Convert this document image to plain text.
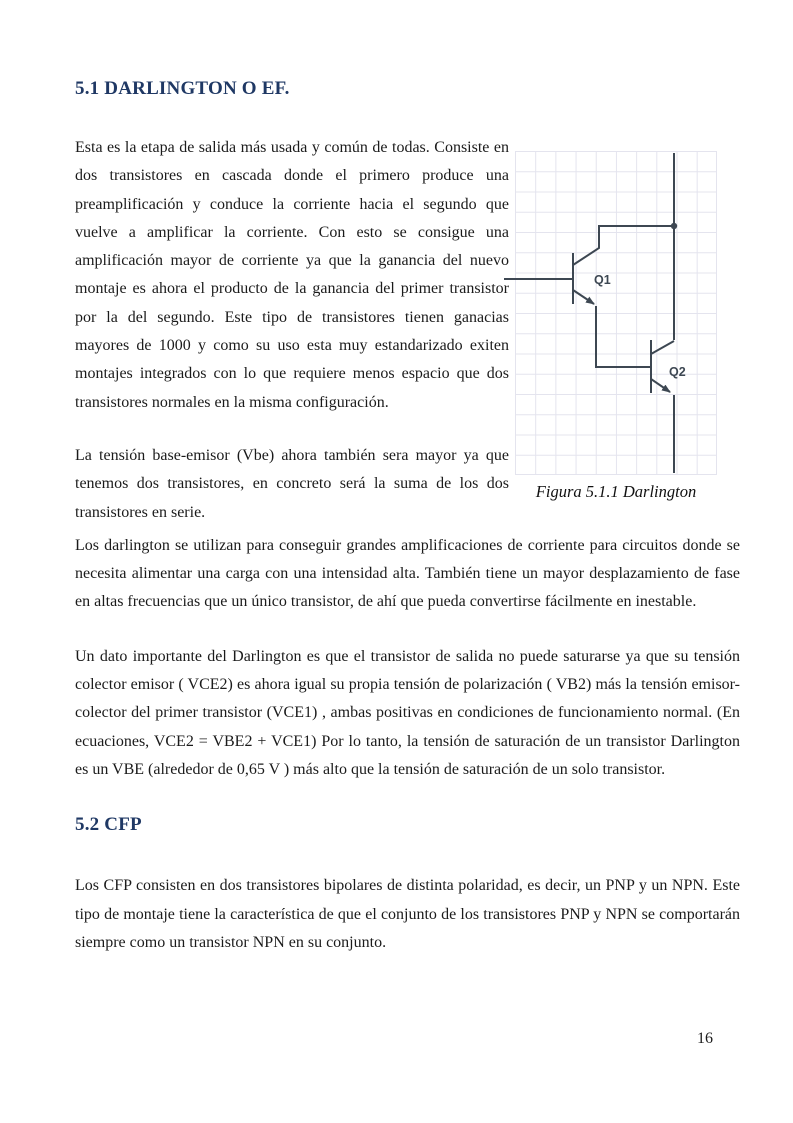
5.1 DARLINGTON O EF.

Esta es la etapa de salida más usada y común de todas. Consiste en dos transistores en cascada donde el primero produce una preamplificación y conduce la corriente hacia el segundo que vuelve a amplificar la corriente. Con esto se consigue una amplificación mayor de corriente ya que la ganancia del nuevo montaje es ahora el producto de la ganancia del primer transistor por la del segundo. Este tipo de transistores tienen ganacias mayores de 1000 y como su uso esta muy estandarizado exiten montajes integrados con lo que requiere menos espacio que dos transistores normales en la misma configuración.

La tensión base-emisor (Vbe) ahora también sera mayor ya que tenemos dos transistores, en concreto será la suma de los dos transistores en serie.

Q1
Q2
Figura 5.1.1 Darlington

Los darlington se utilizan para conseguir grandes amplificaciones de corriente para circuitos donde se necesita alimentar una carga con una intensidad alta. También tiene un mayor desplazamiento de fase en altas frecuencias que un único transistor, de ahí que pueda convertirse fácilmente en inestable.

Un dato importante del Darlington es que el transistor de salida no puede saturarse ya que su tensión colector emisor ( VCE2) es ahora igual su propia tensión de polarización ( VB2) más la tensión emisor-colector del primer transistor (VCE1) , ambas positivas en condiciones de funcionamiento normal. (En ecuaciones, VCE2 = VBE2 + VCE1) Por lo tanto, la tensión de saturación de un transistor Darlington es un VBE (alrededor de 0,65 V ) más alto que la tensión de saturación de un solo transistor.

5.2 CFP

Los CFP consisten en dos transistores bipolares de distinta polaridad, es decir, un PNP y un NPN. Este tipo de montaje tiene la característica de que el conjunto de los transistores PNP y NPN se comportarán siempre como un transistor NPN en su conjunto.

16
